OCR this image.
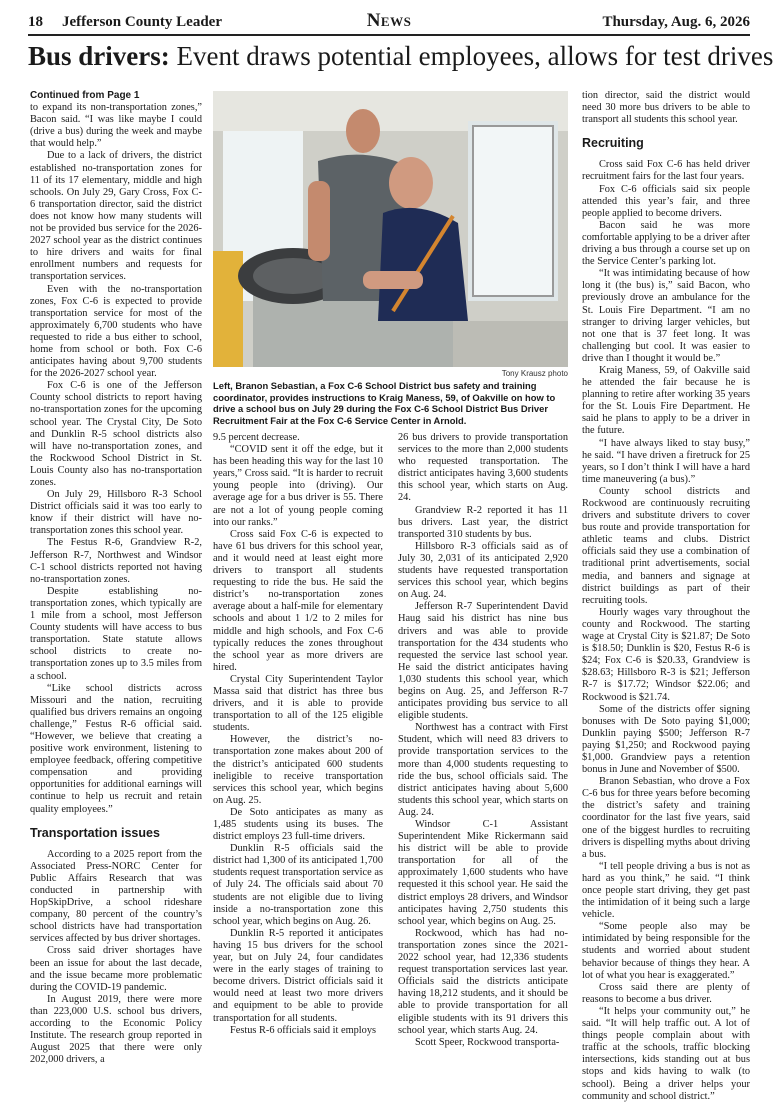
18 Jefferson County Leader	News	Thursday, Aug. 6, 2026
Bus drivers: Event draws potential employees, allows for test drives

Continued from Page 1

to expand its non-transportation zones,” Bacon said. “I was like maybe I could (drive a bus) during the week and maybe that would help.”

Due to a lack of drivers, the district established no-transportation zones for 11 of its 17 elementary, middle and high schools. On July 29, Gary Cross, Fox C-6 transportation director, said the district does not know how many students will not be provided bus service for the 2026-2027 school year as the district continues to hire drivers and waits for final enrollment numbers and requests for transportation services.

Even with the no-transportation zones, Fox C-6 is expected to provide transportation service for most of the approximately 6,700 students who have requested to ride a bus either to school, home from school or both. Fox C-6 anticipates having about 9,700 students for the 2026-2027 school year.

Fox C-6 is one of the Jefferson County school districts to report having no-transportation zones for the upcoming school year. The Crystal City, De Soto and Dunklin R-5 school districts also will have no-transportation zones, and the Rockwood School District in St. Louis County also has no-transportation zones.

On July 29, Hillsboro R-3 School District officials said it was too early to know if their district will have no-transportation zones this school year.

The Festus R-6, Grandview R-2, Jefferson R-7, Northwest and Windsor C-1 school districts reported not having no-transportation zones.

Despite establishing no-transportation zones, which typically are 1 mile from a school, most Jefferson County students will have access to bus transportation. State statute allows school districts to create no-transportation zones up to 3.5 miles from a school.

“Like school districts across Missouri and the nation, recruiting qualified bus drivers remains an ongoing challenge,” Festus R-6 official said. “However, we believe that creating a positive work environment, listening to employee feedback, offering competitive compensation and providing opportunities for additional earnings will continue to help us recruit and retain quality employees.”

Transportation issues

According to a 2025 report from the Associated Press-NORC Center for Public Affairs Research that was conducted in partnership with HopSkipDrive, a school rideshare company, 80 percent of the country’s school districts have had transportation services affected by bus driver shortages.

Cross said driver shortages have been an issue for about the last decade, and the issue became more problematic during the COVID-19 pandemic.

In August 2019, there were more than 223,000 U.S. school bus drivers, according to the Economic Policy Institute. The research group reported in August 2025 that there were only 202,000 drivers, a

Tony Krausz photo
Left, Branon Sebastian, a Fox C-6 School District bus safety and training coordinator, provides instructions to Kraig Maness, 59, of Oakville on how to drive a school bus on July 29 during the Fox C-6 School District Bus Driver Recruitment Fair at the Fox C-6 Service Center in Arnold.

9.5 percent decrease.

“COVID sent it off the edge, but it has been heading this way for the last 10 years,” Cross said. “It is harder to recruit young people into (driving). Our average age for a bus driver is 55. There are not a lot of young people coming into our ranks.”

Cross said Fox C-6 is expected to have 61 bus drivers for this school year, and it would need at least eight more drivers to transport all students requesting to ride the bus. He said the district’s no-transportation zones average about a half-mile for elementary schools and about 1 1/2 to 2 miles for middle and high schools, and Fox C-6 typically reduces the zones throughout the school year as more drivers are hired.

Crystal City Superintendent Taylor Massa said that district has three bus drivers, and it is able to provide transportation to all of the 125 eligible students.

However, the district’s no-transportation zone makes about 200 of the district’s anticipated 600 students ineligible to receive transportation services this school year, which begins on Aug. 25.

De Soto anticipates as many as 1,485 students using its buses. The district employs 23 full-time drivers.

Dunklin R-5 officials said the district had 1,300 of its anticipated 1,700 students request transportation service as of July 24. The officials said about 70 students are not eligible due to living inside a no-transportation zone this school year, which begins on Aug. 26.

Dunklin R-5 reported it anticipates having 15 bus drivers for the school year, but on July 24, four candidates were in the early stages of training to become drivers. District officials said it would need at least two more drivers and equipment to be able to provide transportation for all students.

Festus R-6 officials said it employs

26 bus drivers to provide transportation services to the more than 2,000 students who requested transportation. The district anticipates having 3,600 students this school year, which starts on Aug. 24.

Grandview R-2 reported it has 11 bus drivers. Last year, the district transported 310 students by bus.

Hillsboro R-3 officials said as of July 30, 2,031 of its anticipated 2,920 students have requested transportation services this school year, which begins on Aug. 24.

Jefferson R-7 Superintendent David Haug said his district has nine bus drivers and was able to provide transportation for the 434 students who requested the service last school year. He said the district anticipates having 1,030 students this school year, which begins on Aug. 25, and Jefferson R-7 anticipates providing bus service to all eligible students.

Northwest has a contract with First Student, which will need 83 drivers to provide transportation services to the more than 4,000 students requesting to ride the bus, school officials said. The district anticipates having about 5,600 students this school year, which starts on Aug. 24.

Windsor C-1 Assistant Superintendent Mike Rickermann said his district will be able to provide transportation for all of the approximately 1,600 students who have requested it this school year. He said the district employs 28 drivers, and Windsor anticipates having 2,750 students this school year, which begins on Aug. 25.

Rockwood, which has had no-transportation zones since the 2021-2022 school year, had 12,336 students request transportation services last year. Officials said the districts anticipate having 18,212 students, and it should be able to provide transportation for all eligible students with its 91 drivers this school year, which starts Aug. 24.

Scott Speer, Rockwood transporta-

tion director, said the district would need 30 more bus drivers to be able to transport all students this school year.

Recruiting

Cross said Fox C-6 has held driver recruitment fairs for the last four years.

Fox C-6 officials said six people attended this year’s fair, and three people applied to become drivers.

Bacon said he was more comfortable applying to be a driver after driving a bus through a course set up on the Service Center’s parking lot.

“It was intimidating because of how long it (the bus) is,” said Bacon, who previously drove an ambulance for the St. Louis Fire Department. “I am no stranger to driving larger vehicles, but not one that is 37 feet long. It was challenging but cool. It was easier to drive than I thought it would be.”

Kraig Maness, 59, of Oakville said he attended the fair because he is planning to retire after working 35 years for the St. Louis Fire Department. He said he plans to apply to be a driver in the future.

“I have always liked to stay busy,” he said. “I have driven a firetruck for 25 years, so I don’t think I will have a hard time maneuvering (a bus).”

County school districts and Rockwood are continuously recruiting drivers and substitute drivers to cover bus route and provide transportation for athletic teams and clubs. District officials said they use a combination of traditional print advertisements, social media, and banners and signage at district buildings as part of their recruiting tools.

Hourly wages vary throughout the county and Rockwood. The starting wage at Crystal City is $21.87; De Soto is $18.50; Dunklin is $20, Festus R-6 is $24; Fox C-6 is $20.33, Grandview is $28.63; Hillsboro R-3 is $21; Jefferson R-7 is $17.72; Windsor $22.06; and Rockwood is $21.74.

Some of the districts offer signing bonuses with De Soto paying $1,000; Dunklin paying $500; Jefferson R-7 paying $1,250; and Rockwood paying $1,000. Grandview pays a retention bonus in June and November of $500.

Branon Sebastian, who drove a Fox C-6 bus for three years before becoming the district’s safety and training coordinator for the last five years, said one of the biggest hurdles to recruiting drivers is dispelling myths about driving a bus.

“I tell people driving a bus is not as hard as you think,” he said. “I think once people start driving, they get past the intimidation of it being such a large vehicle.

“Some people also may be intimidated by being responsible for the students and worried about student behavior because of things they hear. A lot of what you hear is exaggerated.”

Cross said there are plenty of reasons to become a bus driver.

“It helps your community out,” he said. “It will help traffic out. A lot of things people complain about with traffic at the schools, traffic blocking intersections, kids standing out at bus stops and kids having to walk (to school). Being a driver helps your community and school district.”
